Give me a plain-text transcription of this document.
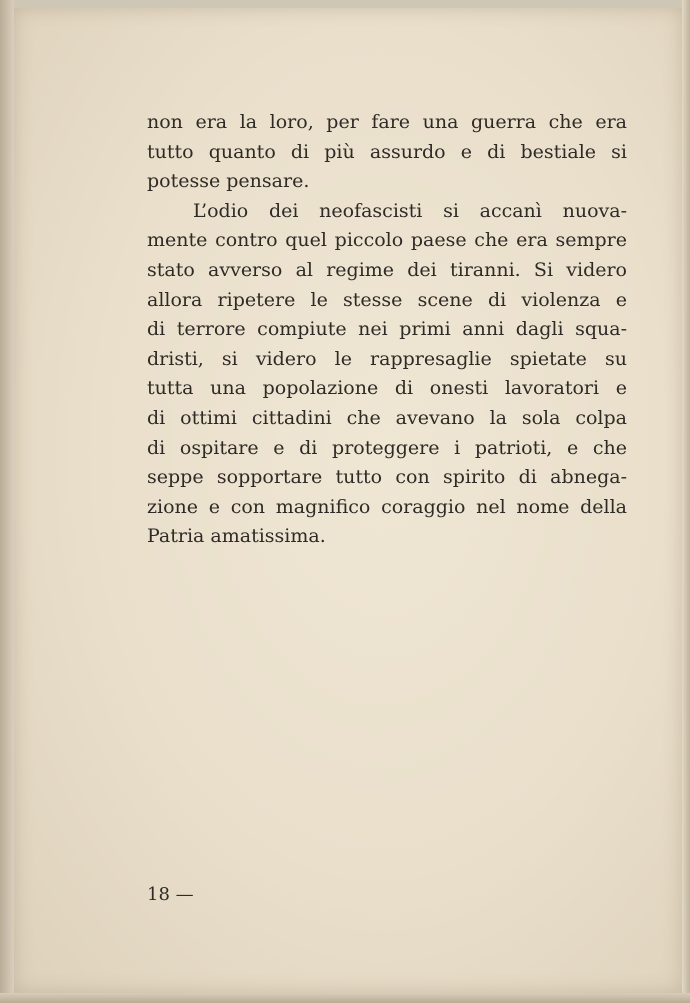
non era la loro, per fare una guerra che era
tutto quanto di più assurdo e di bestiale si
potesse pensare.
L’odio dei neofascisti si accanì nuova-
mente contro quel piccolo paese che era sempre
stato avverso al regime dei tiranni. Si videro
allora ripetere le stesse scene di violenza e
di terrore compiute nei primi anni dagli squa-
dristi, si videro le rappresaglie spietate su
tutta una popolazione di onesti lavoratori e
di ottimi cittadini che avevano la sola colpa
di ospitare e di proteggere i patrioti, e che
seppe sopportare tutto con spirito di abnega-
zione e con magnifico coraggio nel nome della
Patria amatissima.
18 —
